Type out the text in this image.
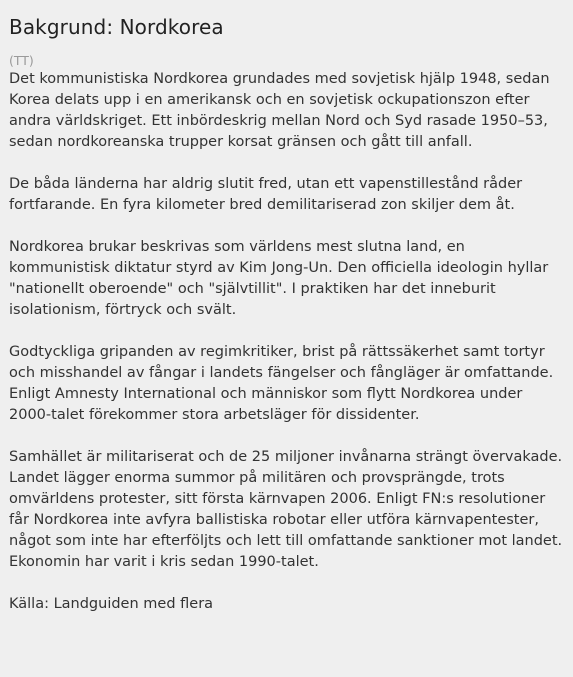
Bakgrund: Nordkorea
(TT)

Det kommunistiska Nordkorea grundades med sovjetisk hjälp 1948, sedan Korea delats upp i en amerikansk och en sovjetisk ockupationszon efter andra världskriget. Ett inbördeskrig mellan Nord och Syd rasade 1950–53, sedan nordkoreanska trupper korsat gränsen och gått till anfall.

De båda länderna har aldrig slutit fred, utan ett vapenstillestånd råder fortfarande. En fyra kilometer bred demilitariserad zon skiljer dem åt.

Nordkorea brukar beskrivas som världens mest slutna land, en kommunistisk diktatur styrd av Kim Jong-Un. Den officiella ideologin hyllar "nationellt oberoende" och "självtillit". I praktiken har det inneburit isolationism, förtryck och svält.

Godtyckliga gripanden av regimkritiker, brist på rättssäkerhet samt tortyr och misshandel av fångar i landets fängelser och fångläger är omfattande. Enligt Amnesty International och människor som flytt Nordkorea under 2000-talet förekommer stora arbetsläger för dissidenter.

Samhället är militariserat och de 25 miljoner invånarna strängt övervakade. Landet lägger enorma summor på militären och provsprängde, trots omvärldens protester, sitt första kärnvapen 2006. Enligt FN:s resolutioner får Nordkorea inte avfyra ballistiska robotar eller utföra kärnvapentester, något som inte har efterföljts och lett till omfattande sanktioner mot landet. Ekonomin har varit i kris sedan 1990-talet.

Källa: Landguiden med flera
